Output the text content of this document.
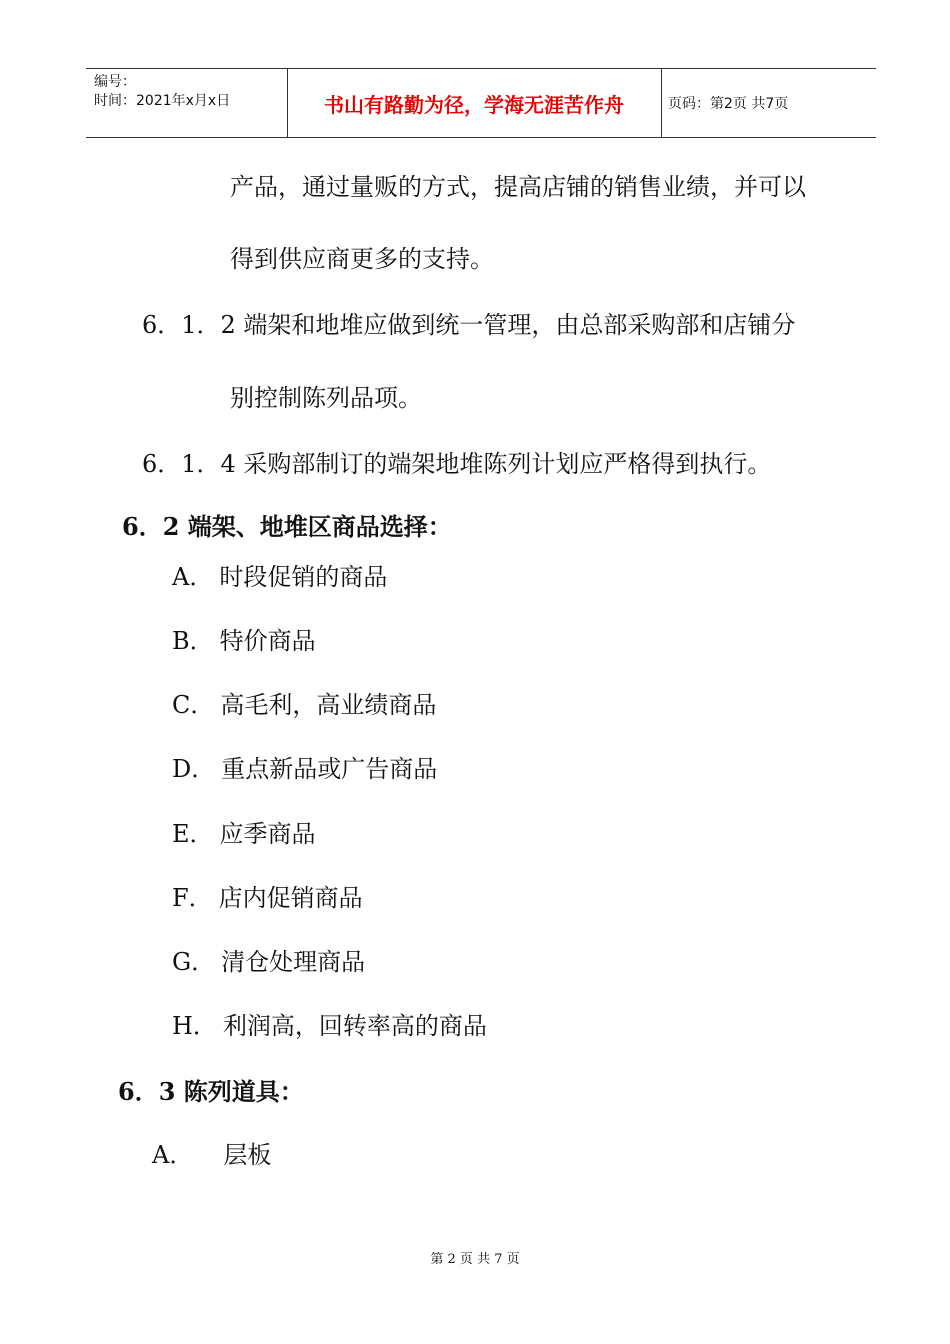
编号：
时间：2021年x月x日	书山有路勤为径，学海无涯苦作舟	页码：第2页 共7页
产品，通过量贩的方式，提高店铺的销售业绩，并可以
得到供应商更多的支持。
6．1．2 端架和地堆应做到统一管理，由总部采购部和店铺分
别控制陈列品项。
6．1．4 采购部制订的端架地堆陈列计划应严格得到执行。
6．2 端架、地堆区商品选择：
A． 时段促销的商品
B． 特价商品
C． 高毛利，高业绩商品
D． 重点新品或广告商品
E． 应季商品
F． 店内促销商品
G． 清仓处理商品
H． 利润高，回转率高的商品
6．3 陈列道具：
A． 层板
第 2 页 共 7 页
